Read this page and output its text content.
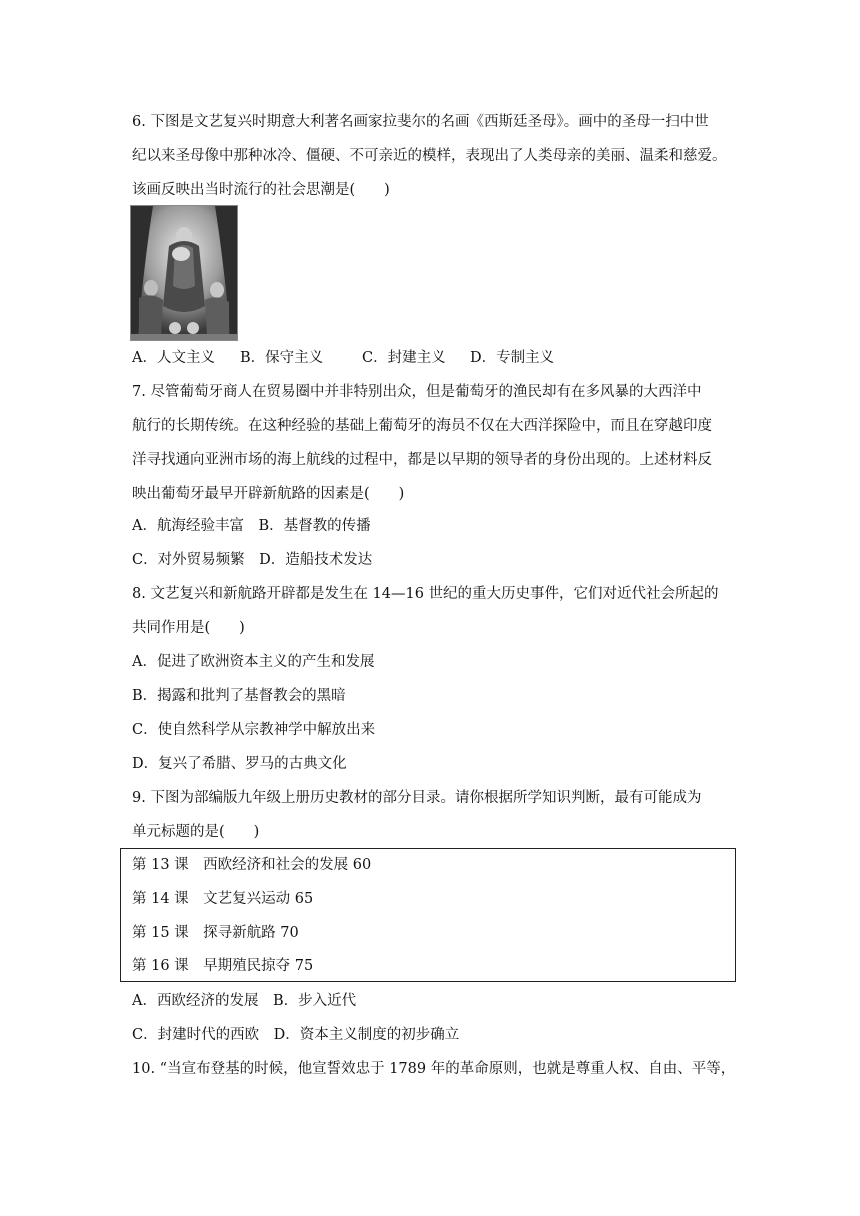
6. 下图是文艺复兴时期意大利著名画家拉斐尔的名画《西斯廷圣母》。画中的圣母一扫中世
纪以来圣母像中那种冰冷、僵硬、不可亲近的模样，表现出了人类母亲的美丽、温柔和慈爱。
该画反映出当时流行的社会思潮是(　　)
A．人文主义 B．保守主义	C．封建主义 D．专制主义
7. 尽管葡萄牙商人在贸易圈中并非特别出众，但是葡萄牙的渔民却有在多风暴的大西洋中
航行的长期传统。在这种经验的基础上葡萄牙的海员不仅在大西洋探险中，而且在穿越印度
洋寻找通向亚洲市场的海上航线的过程中，都是以早期的领导者的身份出现的。上述材料反
映出葡萄牙最早开辟新航路的因素是(　　)
A．航海经验丰富　B．基督教的传播
C．对外贸易频繁　D．造船技术发达
8. 文艺复兴和新航路开辟都是发生在 14—16 世纪的重大历史事件，它们对近代社会所起的
共同作用是(　　)
A．促进了欧洲资本主义的产生和发展
B．揭露和批判了基督教会的黑暗
C．使自然科学从宗教神学中解放出来
D．复兴了希腊、罗马的古典文化
9. 下图为部编版九年级上册历史教材的部分目录。请你根据所学知识判断，最有可能成为
单元标题的是(　　)
第 13 课　西欧经济和社会的发展 60
第 14 课　文艺复兴运动 65
第 15 课　探寻新航路 70
第 16 课　早期殖民掠夺 75
A．西欧经济的发展　B．步入近代
C．封建时代的西欧　D．资本主义制度的初步确立
10. “当宣布登基的时候，他宣誓效忠于 1789 年的革命原则，也就是尊重人权、自由、平等，
